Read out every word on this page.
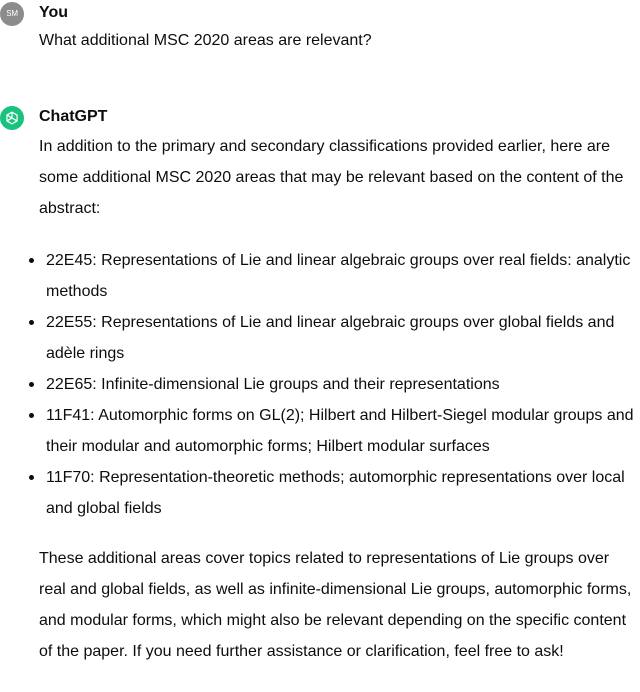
SM	You
What additional MSC 2020 areas are relevant?
ChatGPT
In addition to the primary and secondary classifications provided earlier, here are some additional MSC 2020 areas that may be relevant based on the content of the abstract:
22E45: Representations of Lie and linear algebraic groups over real fields: analytic methods
22E55: Representations of Lie and linear algebraic groups over global fields and adèle rings
22E65: Infinite-dimensional Lie groups and their representations
11F41: Automorphic forms on GL(2); Hilbert and Hilbert-Siegel modular groups and their modular and automorphic forms; Hilbert modular surfaces
11F70: Representation-theoretic methods; automorphic representations over local and global fields
These additional areas cover topics related to representations of Lie groups over real and global fields, as well as infinite-dimensional Lie groups, automorphic forms, and modular forms, which might also be relevant depending on the specific content of the paper. If you need further assistance or clarification, feel free to ask!
